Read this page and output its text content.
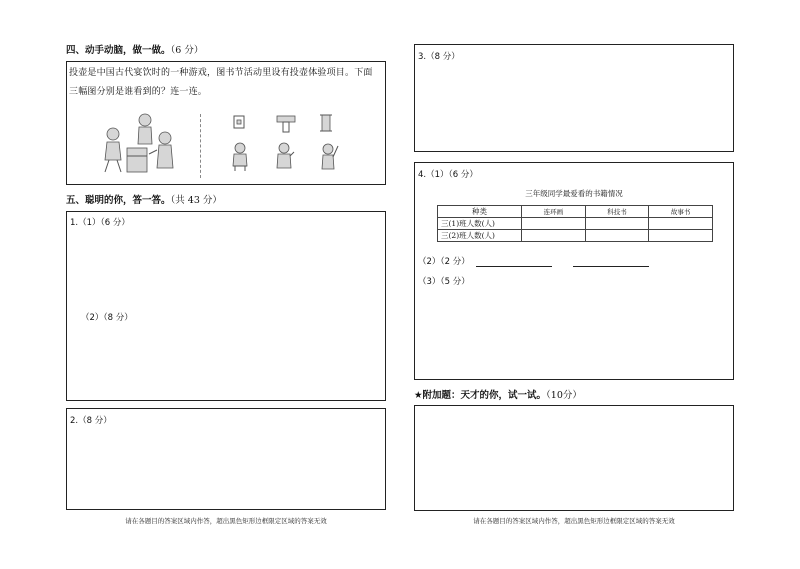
四、动手动脑，做一做。（6 分）
投壶是中国古代宴饮时的一种游戏，图书节活动里设有投壶体验项目。下面
三幅图分别是谁看到的？连一连。
五、聪明的你，答一答。（共 43 分）
1.（1）（6 分）
（2）（8 分）
2.（8 分）
请在各题目的答案区域内作答，超出黑色矩形边框限定区域的答案无效
3.（8 分）
4.（1）（6 分）
三年级同学最爱看的书籍情况
种类	连环画	科技书	故事书
三(1)班人数(人)			
三(2)班人数(人)			
（2）（2 分）
（3）（5 分）
★附加题：天才的你，试一试。（10分）
请在各题目的答案区域内作答，超出黑色矩形边框限定区域的答案无效
